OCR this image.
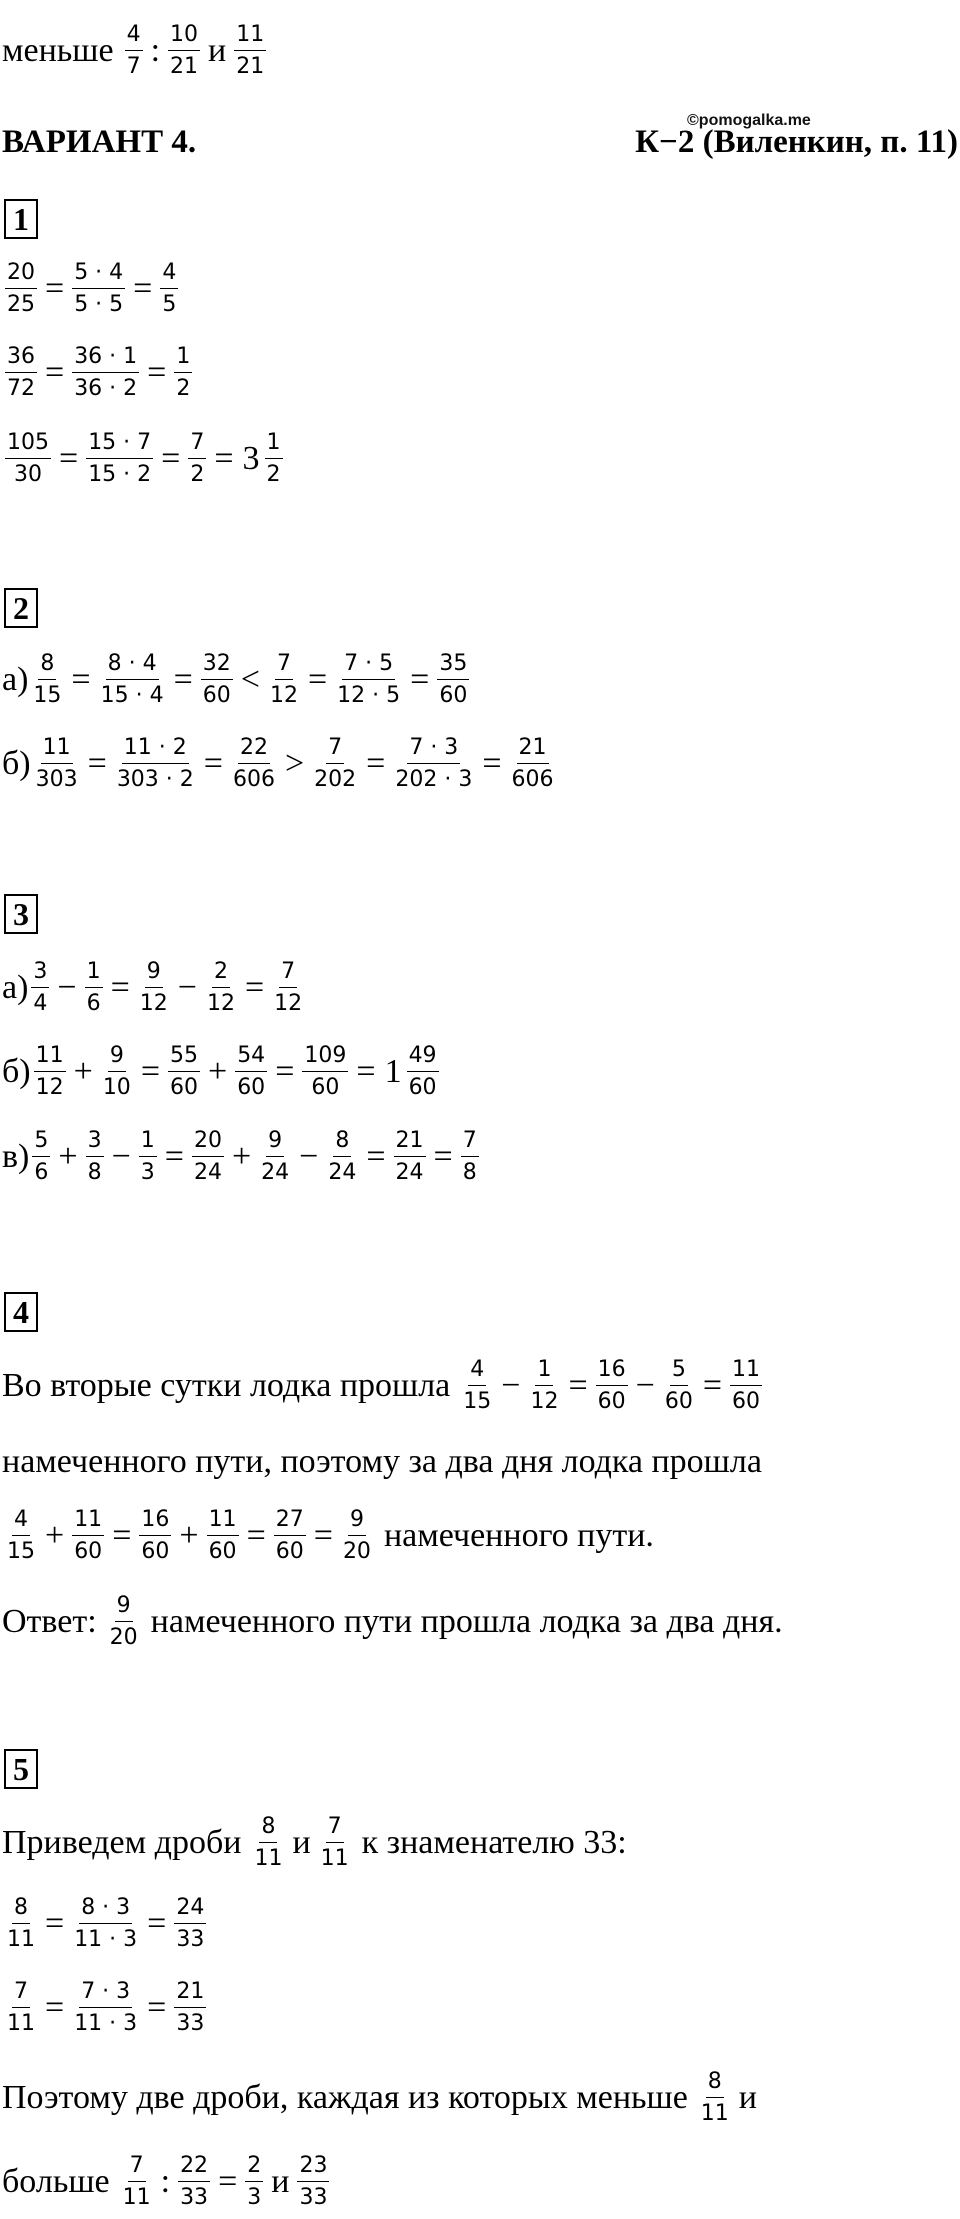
меньше $\frac{4}{7}$ : $\frac{10}{21}$ и $\frac{11}{21}$
ВАРИАНТ 4.
©pomogalka.me
К−2 (Виленкин, п. 11)
1
$\frac{20}{25} = \frac{5 \cdot 4}{5 \cdot 5} = \frac{4}{5}$
$\frac{36}{72} = \frac{36 \cdot 1}{36 \cdot 2} = \frac{1}{2}$
$\frac{105}{30} = \frac{15 \cdot 7}{15 \cdot 2} = \frac{7}{2} = 3 \frac{1}{2}$
2
$а) \frac{8}{15} = \frac{8 \cdot 4}{15 \cdot 4} = \frac{32}{60} < \frac{7}{12} = \frac{7 \cdot 5}{12 \cdot 5} = \frac{35}{60}$
$б) \frac{11}{303} = \frac{11 \cdot 2}{303 \cdot 2} = \frac{22}{606} > \frac{7}{202} = \frac{7 \cdot 3}{202 \cdot 3} = \frac{21}{606}$
3
$а) \frac{3}{4} - \frac{1}{6} = \frac{9}{12} - \frac{2}{12} = \frac{7}{12}$
$б) \frac{11}{12} + \frac{9}{10} = \frac{55}{60} + \frac{54}{60} = \frac{109}{60} = 1 \frac{49}{60}$
$в) \frac{5}{6} + \frac{3}{8} - \frac{1}{3} = \frac{20}{24} + \frac{9}{24} - \frac{8}{24} = \frac{21}{24} = \frac{7}{8}$
4
Во вторые сутки лодка прошла $\frac{4}{15} - \frac{1}{12} = \frac{16}{60} - \frac{5}{60} = \frac{11}{60}$
намеченного пути, поэтому за два дня лодка прошла
$\frac{4}{15} + \frac{11}{60} = \frac{16}{60} + \frac{11}{60} = \frac{27}{60} = \frac{9}{20}$ намеченного пути.
Ответ: $\frac{9}{20}$ намеченного пути прошла лодка за два дня.
5
Приведем дроби $\frac{8}{11}$ и $\frac{7}{11}$ к знаменателю 33:
$\frac{8}{11} = \frac{8 \cdot 3}{11 \cdot 3} = \frac{24}{33}$
$\frac{7}{11} = \frac{7 \cdot 3}{11 \cdot 3} = \frac{21}{33}$
Поэтому две дроби, каждая из которых меньше $\frac{8}{11}$ и
больше $\frac{7}{11}$ : $\frac{22}{33} = \frac{2}{3}$ и $\frac{23}{33}$
